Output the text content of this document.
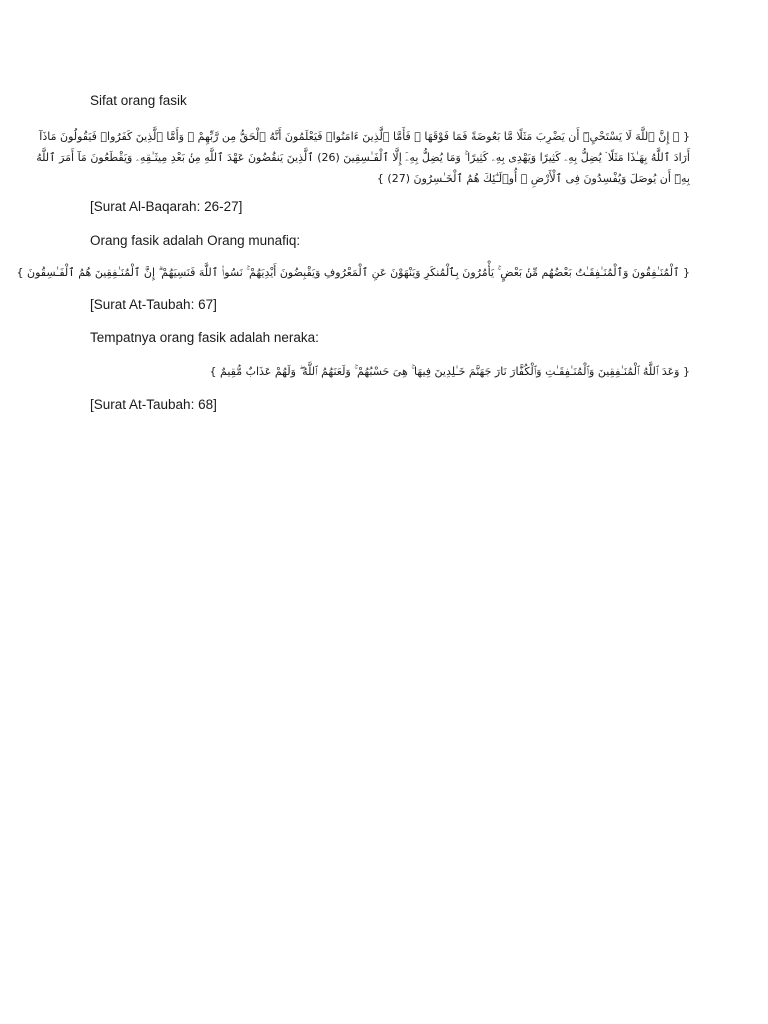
Sifat orang fasik
{ ۞ إِنَّ ٱللَّهَ لَا يَسْتَحْيِۦٓ أَن يَضْرِبَ مَثَلًا مَّا بَعُوضَةً فَمَا فَوْقَهَا ۚ فَأَمَّا ٱلَّذِينَ ءَامَنُوا۟ فَيَعْلَمُونَ أَنَّهُ ٱلْحَقُّ مِن رَّبِّهِمْ ۖ وَأَمَّا ٱلَّذِينَ كَفَرُوا۟ فَيَقُولُونَ مَاذَآ
أَرَادَ ٱللَّهُ بِهَـٰذَا مَثَلًا ۘ يُضِلُّ بِهِۦ كَثِيرًا وَيَهْدِى بِهِۦ كَثِيرًا ۚ وَمَا يُضِلُّ بِهِۦٓ إِلَّا ٱلْفَـٰسِقِينَ (26) ٱلَّذِينَ يَنقُضُونَ عَهْدَ ٱللَّهِ مِنۢ بَعْدِ مِيثَـٰقِهِۦ وَيَقْطَعُونَ مَآ أَمَرَ ٱللَّهُ
بِهِۦٓ أَن يُوصَلَ وَيُفْسِدُونَ فِى ٱلْأَرْضِ ۚ أُو۟لَـٰٓئِكَ هُمُ ٱلْخَـٰسِرُونَ (27) }
[Surat Al-Baqarah: 26-27]
Orang fasik adalah Orang munafiq:
{ ٱلْمُنَـٰفِقُونَ وَٱلْمُنَـٰفِقَـٰتُ بَعْضُهُم مِّنۢ بَعْضٍ ۚ يَأْمُرُونَ بِٱلْمُنكَرِ وَيَنْهَوْنَ عَنِ ٱلْمَعْرُوفِ وَيَقْبِضُونَ أَيْدِيَهُمْ ۚ نَسُوا۟ ٱللَّهَ فَنَسِيَهُمْ ۗ إِنَّ ٱلْمُنَـٰفِقِينَ هُمُ ٱلْفَـٰسِقُونَ }
[Surat At-Taubah: 67]
Tempatnya orang fasik adalah neraka:
{ وَعَدَ ٱللَّهُ ٱلْمُنَـٰفِقِينَ وَٱلْمُنَـٰفِقَـٰتِ وَٱلْكُفَّارَ نَارَ جَهَنَّمَ خَـٰلِدِينَ فِيهَا ۚ هِىَ حَسْبُهُمْ ۚ وَلَعَنَهُمُ ٱللَّهُ ۖ وَلَهُمْ عَذَابٌ مُّقِيمٌ }
[Surat At-Taubah: 68]
